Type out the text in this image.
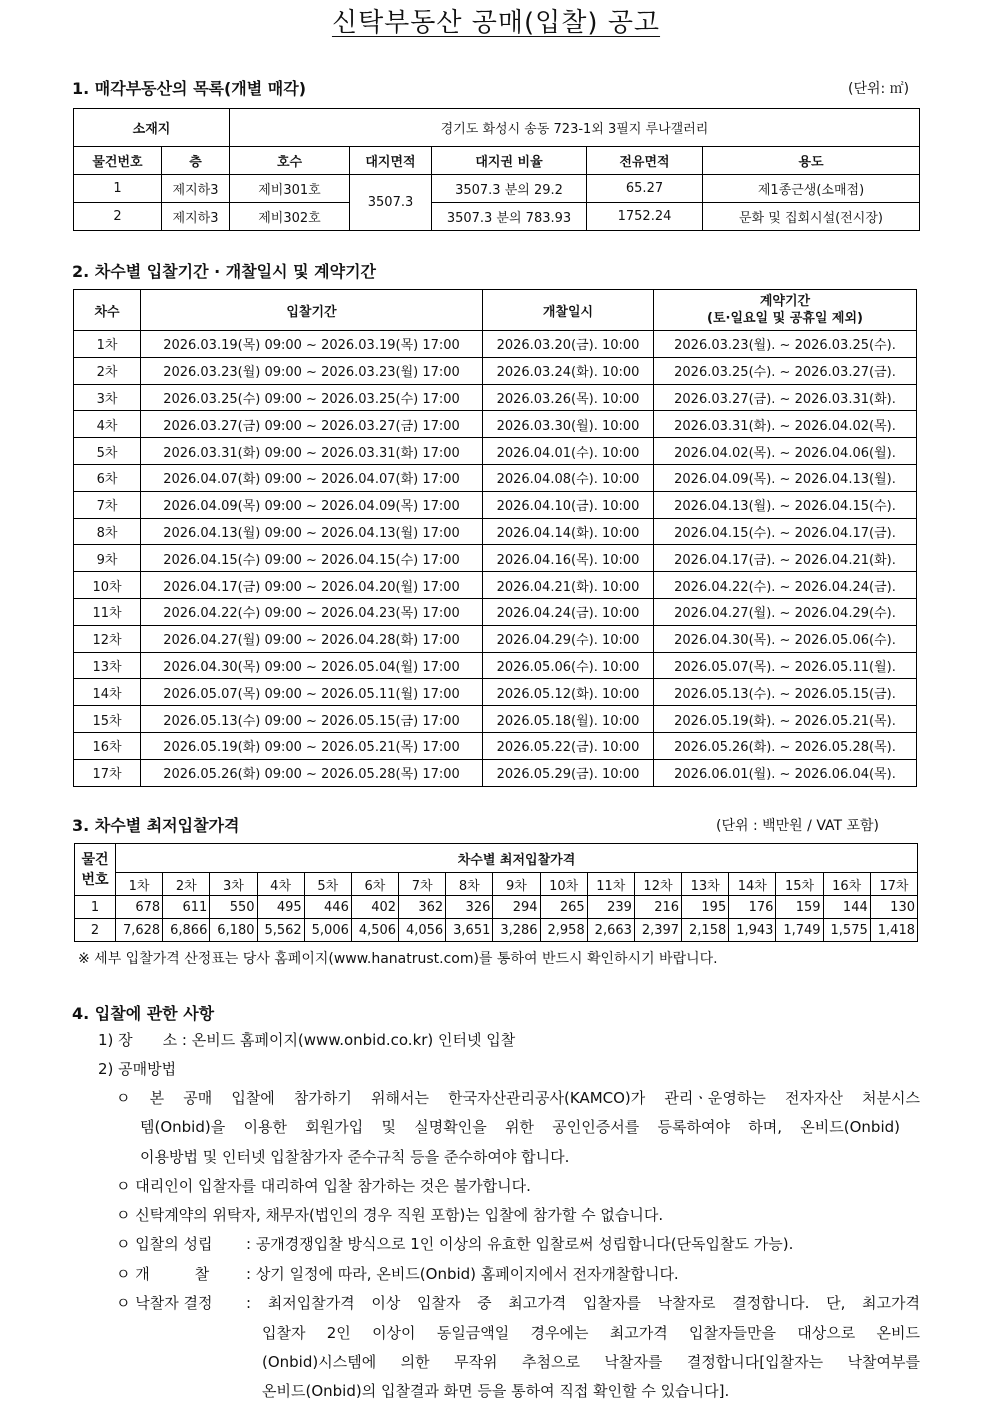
신탁부동산 공매(입찰) 공고
1. 매각부동산의 목록(개별 매각)	(단위: ㎡)
소재지		경기도 화성시 송동 723-1외 3필지 루나갤러리				
물건번호	층	호수	대지면적	대지권 비율	전유면적	용도
1	제지하3	제비301호	3507.3	3507.3 분의 29.2	65.27	제1종근생(소매점)
2	제지하3	제비302호		3507.3 분의 783.93	1752.24	문화 및 집회시설(전시장)
2. 차수별 입찰기간 · 개찰일시 및 계약기간
차수	입찰기간	개찰일시	계약기간
(토·일요일 및 공휴일 제외)

1차	2026.03.19(목) 09:00 ~ 2026.03.19(목) 17:00	2026.03.20(금). 10:00	2026.03.23(월). ~ 2026.03.25(수).
2차	2026.03.23(월) 09:00 ~ 2026.03.23(월) 17:00	2026.03.24(화). 10:00	2026.03.25(수). ~ 2026.03.27(금).
3차	2026.03.25(수) 09:00 ~ 2026.03.25(수) 17:00	2026.03.26(목). 10:00	2026.03.27(금). ~ 2026.03.31(화).
4차	2026.03.27(금) 09:00 ~ 2026.03.27(금) 17:00	2026.03.30(월). 10:00	2026.03.31(화). ~ 2026.04.02(목).
5차	2026.03.31(화) 09:00 ~ 2026.03.31(화) 17:00	2026.04.01(수). 10:00	2026.04.02(목). ~ 2026.04.06(월).
6차	2026.04.07(화) 09:00 ~ 2026.04.07(화) 17:00	2026.04.08(수). 10:00	2026.04.09(목). ~ 2026.04.13(월).
7차	2026.04.09(목) 09:00 ~ 2026.04.09(목) 17:00	2026.04.10(금). 10:00	2026.04.13(월). ~ 2026.04.15(수).
8차	2026.04.13(월) 09:00 ~ 2026.04.13(월) 17:00	2026.04.14(화). 10:00	2026.04.15(수). ~ 2026.04.17(금).
9차	2026.04.15(수) 09:00 ~ 2026.04.15(수) 17:00	2026.04.16(목). 10:00	2026.04.17(금). ~ 2026.04.21(화).
10차	2026.04.17(금) 09:00 ~ 2026.04.20(월) 17:00	2026.04.21(화). 10:00	2026.04.22(수). ~ 2026.04.24(금).
11차	2026.04.22(수) 09:00 ~ 2026.04.23(목) 17:00	2026.04.24(금). 10:00	2026.04.27(월). ~ 2026.04.29(수).
12차	2026.04.27(월) 09:00 ~ 2026.04.28(화) 17:00	2026.04.29(수). 10:00	2026.04.30(목). ~ 2026.05.06(수).
13차	2026.04.30(목) 09:00 ~ 2026.05.04(월) 17:00	2026.05.06(수). 10:00	2026.05.07(목). ~ 2026.05.11(월).
14차	2026.05.07(목) 09:00 ~ 2026.05.11(월) 17:00	2026.05.12(화). 10:00	2026.05.13(수). ~ 2026.05.15(금).
15차	2026.05.13(수) 09:00 ~ 2026.05.15(금) 17:00	2026.05.18(월). 10:00	2026.05.19(화). ~ 2026.05.21(목).
16차	2026.05.19(화) 09:00 ~ 2026.05.21(목) 17:00	2026.05.22(금). 10:00	2026.05.26(화). ~ 2026.05.28(목).
17차	2026.05.26(화) 09:00 ~ 2026.05.28(목) 17:00	2026.05.29(금). 10:00	2026.06.01(월). ~ 2026.06.04(목).
3. 차수별 최저입찰가격	(단위 : 백만원 / VAT 포함)
물건
번호	차수별 최저입찰가격																
	1차	2차	3차	4차	5차	6차	7차	8차	9차	10차	11차	12차	13차	14차	15차	16차	17차
1	678	611	550	495	446	402	362	326	294	265	239	216	195	176	159	144	130
2	7,628	6,866	6,180	5,562	5,006	4,506	4,056	3,651	3,286	2,958	2,663	2,397	2,158	1,943	1,749	1,575	1,418
※ 세부 입찰가격 산정표는 당사 홈페이지(www.hanatrust.com)를 통하여 반드시 확인하시기 바랍니다.
4. 입찰에 관한 사항
1) 장　　소 : 온비드 홈페이지(www.onbid.co.kr) 인터넷 입찰
2) 공매방법
ㅇ 본 공매 입찰에 참가하기 위해서는 한국자산관리공사(KAMCO)가 관리ㆍ운영하는 전자자산 처분시스
템(Onbid)을 이용한 회원가입 및 실명확인을 위한 공인인증서를 등록하여야 하며, 온비드(Onbid)
이용방법 및 인터넷 입찰참가자 준수규칙 등을 준수하여야 합니다.
ㅇ 대리인이 입찰자를 대리하여 입찰 참가하는 것은 불가합니다.
ㅇ 신탁계약의 위탁자, 채무자(법인의 경우 직원 포함)는 입찰에 참가할 수 없습니다.
ㅇ 입찰의 성립 : 공개경쟁입찰 방식으로 1인 이상의 유효한 입찰로써 성립합니다(단독입찰도 가능).
ㅇ 개　　　찰 : 상기 일정에 따라, 온비드(Onbid) 홈페이지에서 전자개찰합니다.
ㅇ 낙찰자 결정 : 최저입찰가격 이상 입찰자 중 최고가격 입찰자를 낙찰자로 결정합니다. 단, 최고가격
입찰자 2인 이상이 동일금액일 경우에는 최고가격 입찰자들만을 대상으로 온비드
(Onbid)시스템에 의한 무작위 추첨으로 낙찰자를 결정합니다[입찰자는 낙찰여부를
온비드(Onbid)의 입찰결과 화면 등을 통하여 직접 확인할 수 있습니다].
